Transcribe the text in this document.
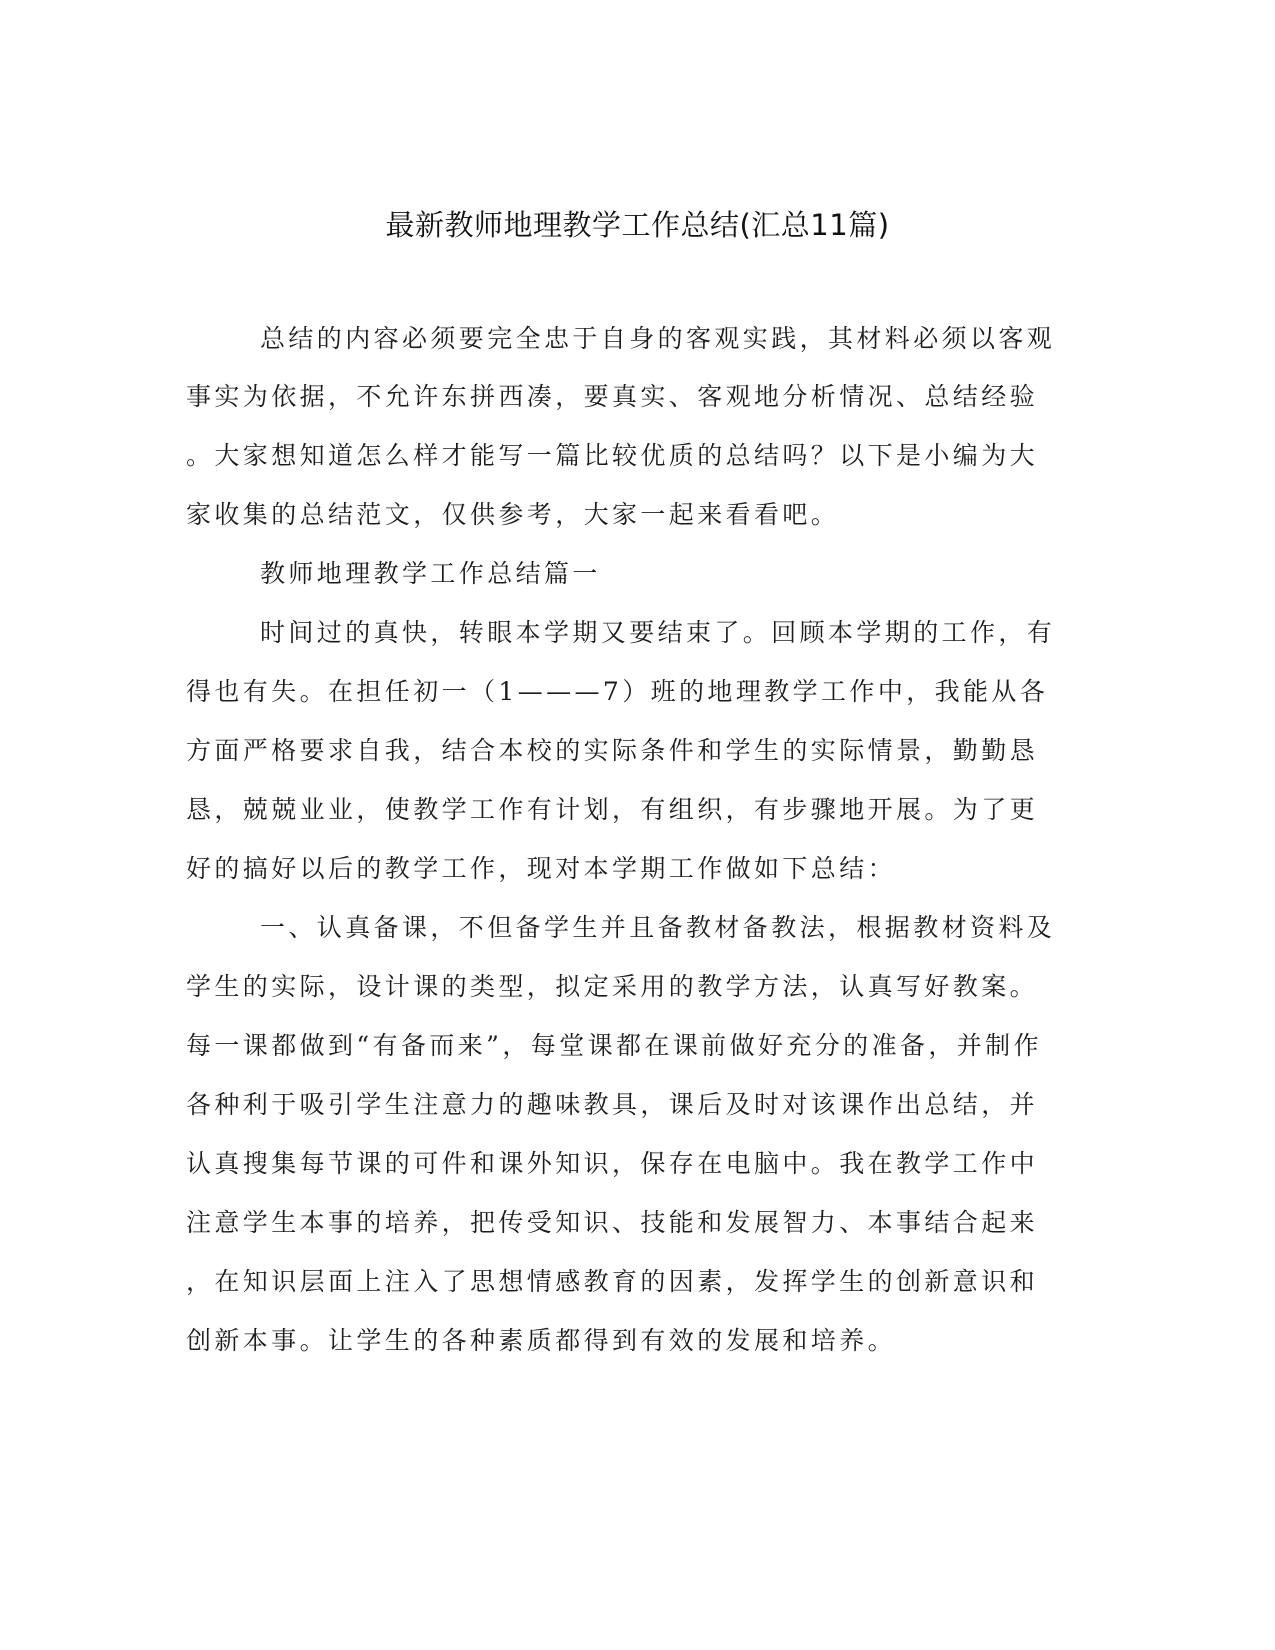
最新教师地理教学工作总结(汇总11篇)
总结的内容必须要完全忠于自身的客观实践，其材料必须以客观
事实为依据，不允许东拼西凑，要真实、客观地分析情况、总结经验
。大家想知道怎么样才能写一篇比较优质的总结吗？以下是小编为大
家收集的总结范文，仅供参考，大家一起来看看吧。
教师地理教学工作总结篇一
时间过的真快，转眼本学期又要结束了。回顾本学期的工作，有
得也有失。在担任初一（1———7）班的地理教学工作中，我能从各
方面严格要求自我，结合本校的实际条件和学生的实际情景，勤勤恳
恳，兢兢业业，使教学工作有计划，有组织，有步骤地开展。为了更
好的搞好以后的教学工作，现对本学期工作做如下总结：
一、认真备课，不但备学生并且备教材备教法，根据教材资料及
学生的实际，设计课的类型，拟定采用的教学方法，认真写好教案。
每一课都做到“有备而来”，每堂课都在课前做好充分的准备，并制作
各种利于吸引学生注意力的趣味教具，课后及时对该课作出总结，并
认真搜集每节课的可件和课外知识，保存在电脑中。我在教学工作中
注意学生本事的培养，把传受知识、技能和发展智力、本事结合起来
，在知识层面上注入了思想情感教育的因素，发挥学生的创新意识和
创新本事。让学生的各种素质都得到有效的发展和培养。
